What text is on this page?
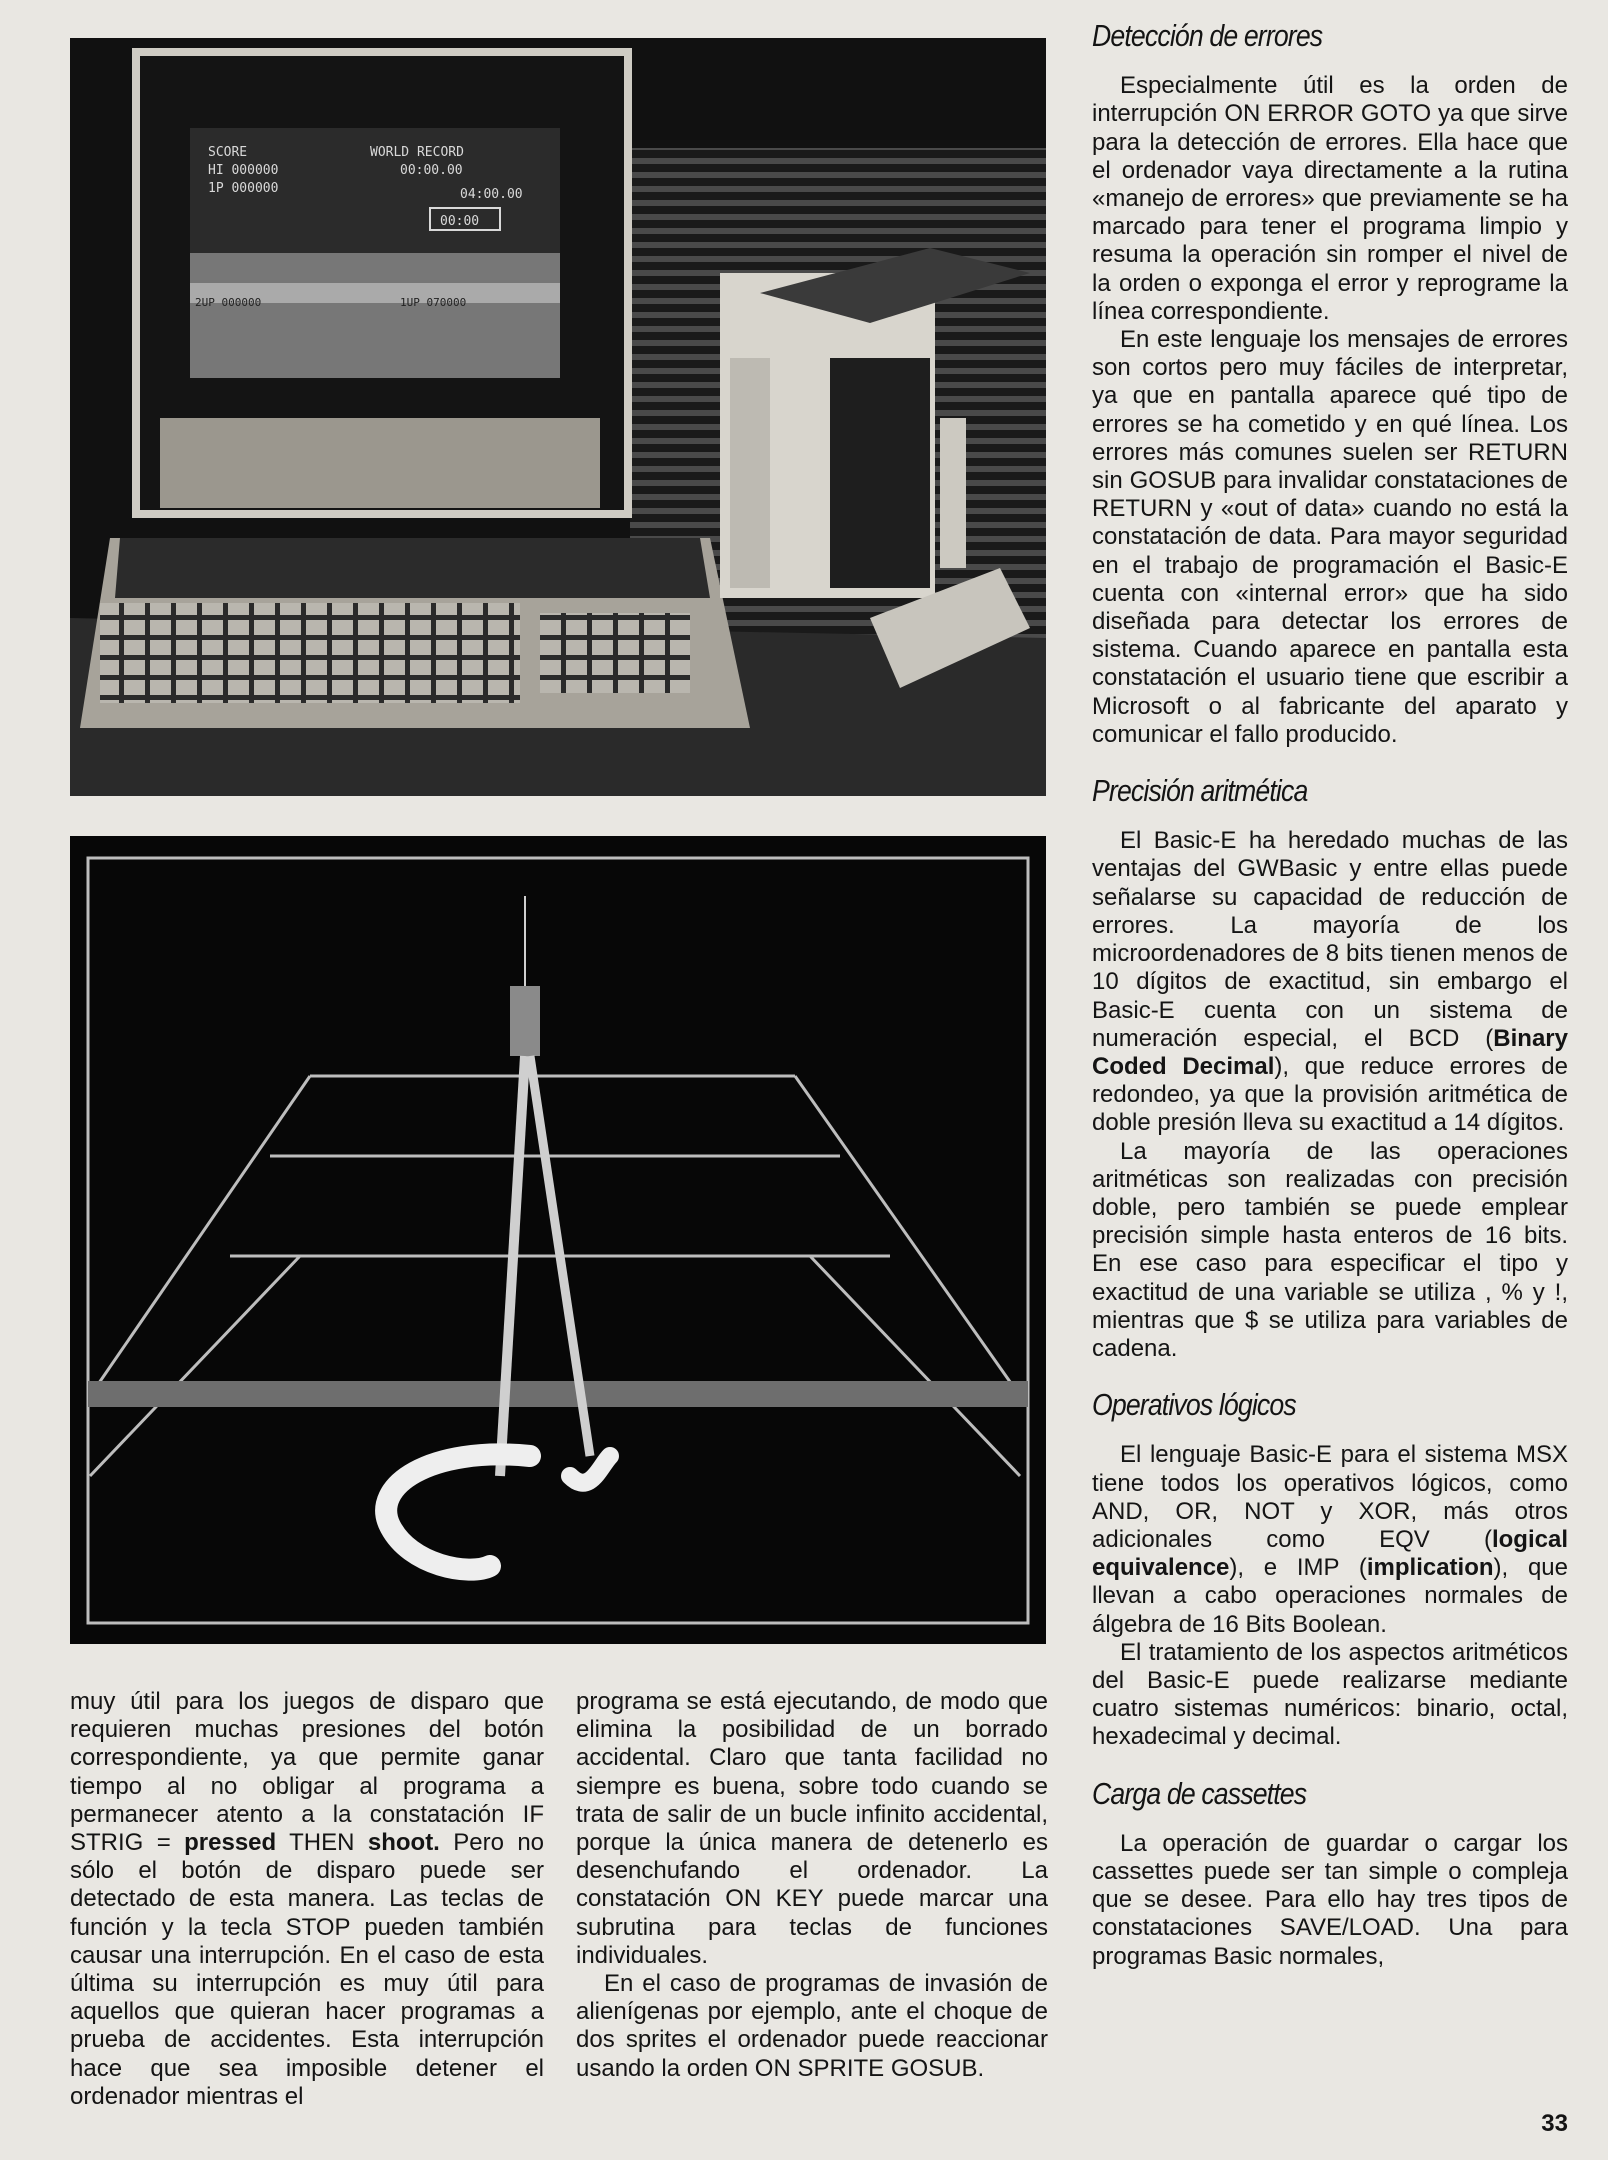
SCORE
HI 000000
1P 000000
WORLD RECORD
00:00.00
04:00.00
00:00
2UP 000000	1UP 070000

muy útil para los juegos de disparo que requieren muchas presiones del botón correspondiente, ya que permite ganar tiempo al no obligar al programa a permanecer atento a la constatación IF STRIG = pressed THEN shoot. Pero no sólo el botón de disparo puede ser detectado de esta manera. Las teclas de función y la tecla STOP pueden también causar una interrupción. En el caso de esta última su interrupción es muy útil para aquellos que quieran hacer programas a prueba de accidentes. Esta interrupción hace que sea imposible detener el ordenador mientras el

programa se está ejecutando, de modo que elimina la posibilidad de un borrado accidental. Claro que tanta facilidad no siempre es buena, sobre todo cuando se trata de salir de un bucle infinito accidental, porque la única manera de detenerlo es desenchufando el ordenador. La constatación ON KEY puede marcar una subrutina para teclas de funciones individuales.

En el caso de programas de invasión de alienígenas por ejemplo, ante el choque de dos sprites el ordenador puede reaccionar usando la orden ON SPRITE GOSUB.

Detección de errores

Especialmente útil es la orden de interrupción ON ERROR GOTO ya que sirve para la detección de errores. Ella hace que el ordenador vaya directamente a la rutina «manejo de errores» que previamente se ha marcado para tener el programa limpio y resuma la operación sin romper el nivel de la orden o exponga el error y reprograme la línea correspondiente.

En este lenguaje los mensajes de errores son cortos pero muy fáciles de interpretar, ya que en pantalla aparece qué tipo de errores se ha cometido y en qué línea. Los errores más comunes suelen ser RETURN sin GOSUB para invalidar constataciones de RETURN y «out of data» cuando no está la constatación de data. Para mayor seguridad en el trabajo de programación el Basic-E cuenta con «internal error» que ha sido diseñada para detectar los errores de sistema. Cuando aparece en pantalla esta constatación el usuario tiene que escribir a Microsoft o al fabricante del aparato y comunicar el fallo producido.

Precisión aritmética

El Basic-E ha heredado muchas de las ventajas del GWBasic y entre ellas puede señalarse su capacidad de reducción de errores. La mayoría de los microordenadores de 8 bits tienen menos de 10 dígitos de exactitud, sin embargo el Basic-E cuenta con un sistema de numeración especial, el BCD (Binary Coded Decimal), que reduce errores de redondeo, ya que la provisión aritmética de doble presión lleva su exactitud a 14 dígitos.

La mayoría de las operaciones aritméticas son realizadas con precisión doble, pero también se puede emplear precisión simple hasta enteros de 16 bits. En ese caso para especificar el tipo y exactitud de una variable se utiliza , % y !, mientras que $ se utiliza para variables de cadena.

Operativos lógicos

El lenguaje Basic-E para el sistema MSX tiene todos los operativos lógicos, como AND, OR, NOT y XOR, más otros adicionales como EQV (logical equivalence), e IMP (implication), que llevan a cabo operaciones normales de álgebra de 16 Bits Boolean.

El tratamiento de los aspectos aritméticos del Basic-E puede realizarse mediante cuatro sistemas numéricos: binario, octal, hexadecimal y decimal.

Carga de cassettes

La operación de guardar o cargar los cassettes puede ser tan simple o compleja que se desee. Para ello hay tres tipos de constataciones SAVE/LOAD. Una para programas Basic normales,

33
